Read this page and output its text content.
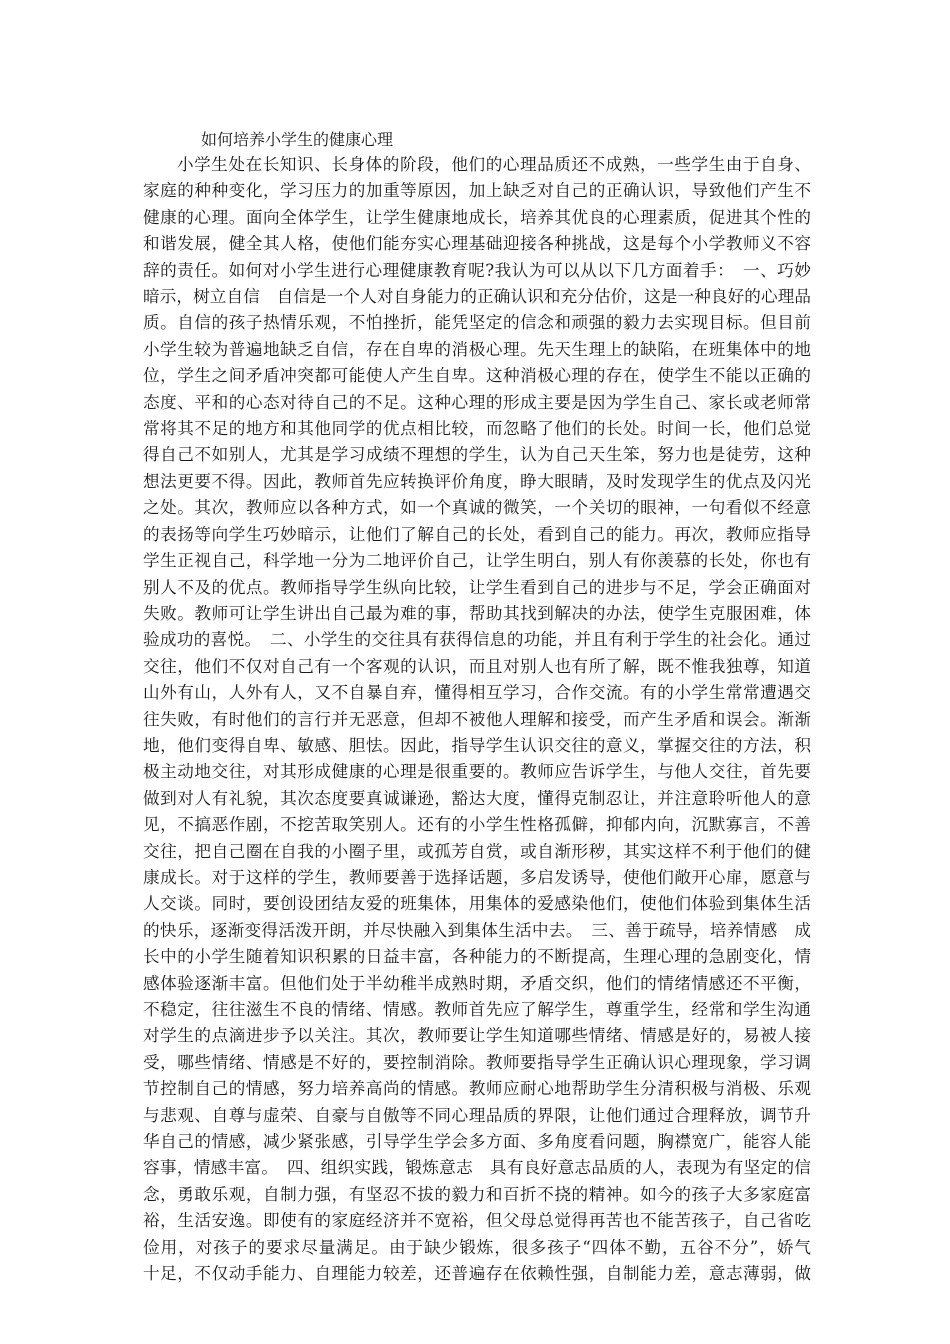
如何培养小学生的健康心理
小学生处在长知识、长身体的阶段，他们的心理品质还不成熟，一些学生由于自身、
家庭的种种变化，学习压力的加重等原因，加上缺乏对自己的正确认识，导致他们产生不
健康的心理。面向全体学生，让学生健康地成长，培养其优良的心理素质，促进其个性的
和谐发展，健全其人格，使他们能夯实心理基础迎接各种挑战，这是每个小学教师义不容
辞的责任。如何对小学生进行心理健康教育呢?我认为可以从以下几方面着手：　一、巧妙
暗示，树立自信　自信是一个人对自身能力的正确认识和充分估价，这是一种良好的心理品
质。自信的孩子热情乐观，不怕挫折，能凭坚定的信念和顽强的毅力去实现目标。但目前
小学生较为普遍地缺乏自信，存在自卑的消极心理。先天生理上的缺陷，在班集体中的地
位，学生之间矛盾冲突都可能使人产生自卑。这种消极心理的存在，使学生不能以正确的
态度、平和的心态对待自己的不足。这种心理的形成主要是因为学生自己、家长或老师常
常将其不足的地方和其他同学的优点相比较，而忽略了他们的长处。时间一长，他们总觉
得自己不如别人，尤其是学习成绩不理想的学生，认为自己天生笨，努力也是徒劳，这种
想法更要不得。因此，教师首先应转换评价角度，睁大眼睛，及时发现学生的优点及闪光
之处。其次，教师应以各种方式，如一个真诚的微笑，一个关切的眼神，一句看似不经意
的表扬等向学生巧妙暗示，让他们了解自己的长处，看到自己的能力。再次，教师应指导
学生正视自己，科学地一分为二地评价自己，让学生明白，别人有你羡慕的长处，你也有
别人不及的优点。教师指导学生纵向比较，让学生看到自己的进步与不足，学会正确面对
失败。教师可让学生讲出自己最为难的事，帮助其找到解决的办法，使学生克服困难，体
验成功的喜悦。　二、小学生的交往具有获得信息的功能，并且有利于学生的社会化。通过
交往，他们不仅对自己有一个客观的认识，而且对别人也有所了解，既不惟我独尊，知道
山外有山，人外有人，又不自暴自弃，懂得相互学习，合作交流。有的小学生常常遭遇交
往失败，有时他们的言行并无恶意，但却不被他人理解和接受，而产生矛盾和误会。渐渐
地，他们变得自卑、敏感、胆怯。因此，指导学生认识交往的意义，掌握交往的方法，积
极主动地交往，对其形成健康的心理是很重要的。教师应告诉学生，与他人交往，首先要
做到对人有礼貌，其次态度要真诚谦逊，豁达大度，懂得克制忍让，并注意聆听他人的意
见，不搞恶作剧，不挖苦取笑别人。还有的小学生性格孤僻，抑郁内向，沉默寡言，不善
交往，把自己圈在自我的小圈子里，或孤芳自赏，或自渐形秽，其实这样不利于他们的健
康成长。对于这样的学生，教师要善于选择话题，多启发诱导，使他们敞开心扉，愿意与
人交谈。同时，要创设团结友爱的班集体，用集体的爱感染他们，使他们体验到集体生活
的快乐，逐渐变得活泼开朗，并尽快融入到集体生活中去。　三、善于疏导，培养情感　成
长中的小学生随着知识积累的日益丰富，各种能力的不断提高，生理心理的急剧变化，情
感体验逐渐丰富。但他们处于半幼稚半成熟时期，矛盾交织，他们的情绪情感还不平衡，
不稳定，往往滋生不良的情绪、情感。教师首先应了解学生，尊重学生，经常和学生沟通
对学生的点滴进步予以关注。其次，教师要让学生知道哪些情绪、情感是好的，易被人接
受，哪些情绪、情感是不好的，要控制消除。教师要指导学生正确认识心理现象，学习调
节控制自己的情感，努力培养高尚的情感。教师应耐心地帮助学生分清积极与消极、乐观
与悲观、自尊与虚荣、自豪与自傲等不同心理品质的界限，让他们通过合理释放，调节升
华自己的情感，减少紧张感，引导学生学会多方面、多角度看问题，胸襟宽广，能容人能
容事，情感丰富。　四、组织实践，锻炼意志　具有良好意志品质的人，表现为有坚定的信
念，勇敢乐观，自制力强，有坚忍不拔的毅力和百折不挠的精神。如今的孩子大多家庭富
裕，生活安逸。即使有的家庭经济并不宽裕，但父母总觉得再苦也不能苦孩子，自己省吃
俭用，对孩子的要求尽量满足。由于缺少锻炼，很多孩子“四体不勤，五谷不分”，娇气
十足，不仅动手能力、自理能力较差，还普遍存在依赖性强，自制能力差，意志薄弱，做
